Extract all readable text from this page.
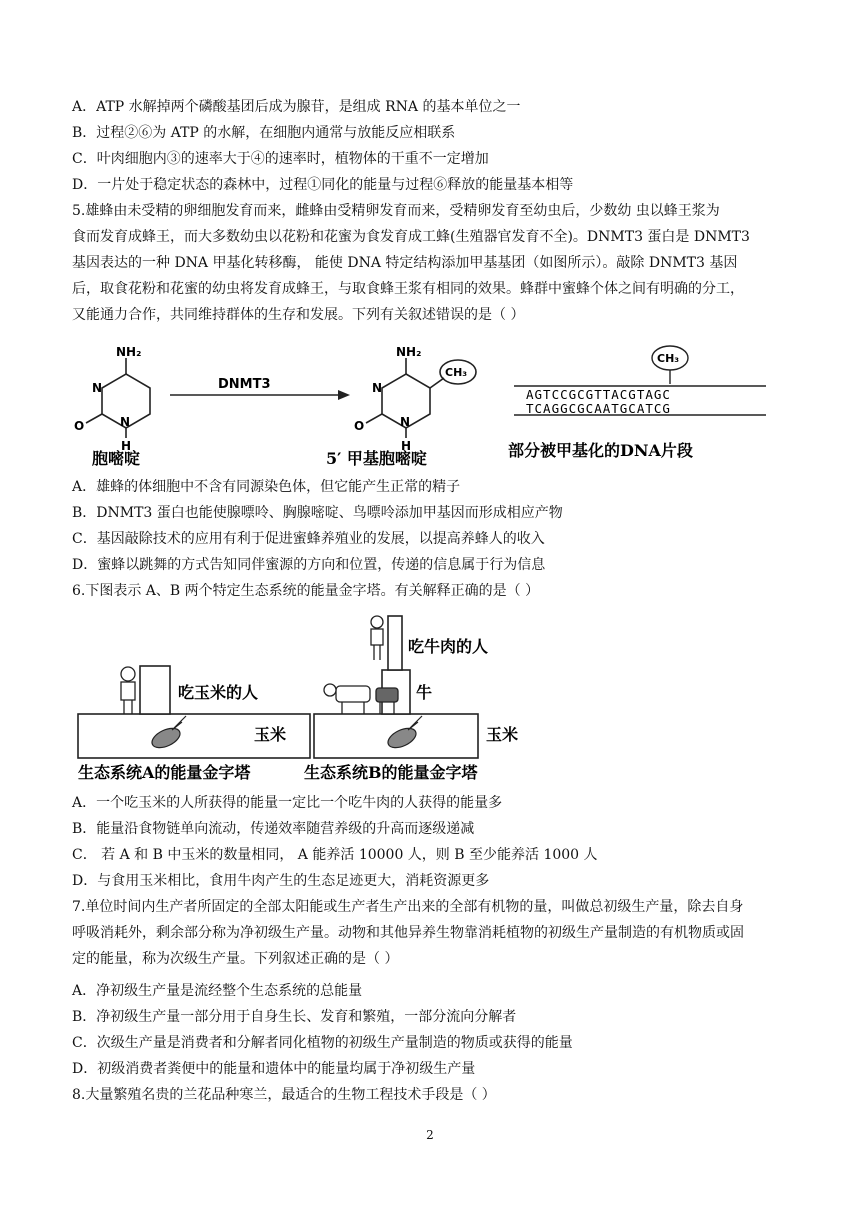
A．ATP 水解掉两个磷酸基团后成为腺苷，是组成 RNA 的基本单位之一
B．过程②⑥为 ATP 的水解，在细胞内通常与放能反应相联系
C．叶肉细胞内③的速率大于④的速率时，植物体的干重不一定增加
D．一片处于稳定状态的森林中，过程①同化的能量与过程⑥释放的能量基本相等
5.雄蜂由未受精的卵细胞发育而来，雌蜂由受精卵发育而来，受精卵发育至幼虫后，少数幼 虫以蜂王浆为
食而发育成蜂王，而大多数幼虫以花粉和花蜜为食发育成工蜂(生殖器官发育不全)。DNMT3 蛋白是 DNMT3
基因表达的一种 DNA 甲基化转移酶， 能使 DNA 特定结构添加甲基基团（如图所示）。敲除 DNMT3 基因
后，取食花粉和花蜜的幼虫将发育成蜂王，与取食蜂王浆有相同的效果。蜂群中蜜蜂个体之间有明确的分工，
又能通力合作，共同维持群体的生存和发展。下列有关叙述错误的是（ ）
NH₂
N
O	N
H
胞嘧啶
DNMT3
NH₂
N
O	N
H
CH₃
5′ 甲基胞嘧啶
CH₃
AGTCCGCGTTACGTAGC
TCAGGCGCAATGCATCG
部分被甲基化的DNA片段
A．雄蜂的体细胞中不含有同源染色体，但它能产生正常的精子
B．DNMT3 蛋白也能使腺嘌呤、胸腺嘧啶、鸟嘌呤添加甲基因而形成相应产物
C．基因敲除技术的应用有利于促进蜜蜂养殖业的发展，以提高养蜂人的收入
D．蜜蜂以跳舞的方式告知同伴蜜源的方向和位置，传递的信息属于行为信息
6.下图表示 A、B 两个特定生态系统的能量金字塔。有关解释正确的是（ ）
吃玉米的人
玉米
生态系统A的能量金字塔
吃牛肉的人
牛
玉米
生态系统B的能量金字塔
A．一个吃玉米的人所获得的能量一定比一个吃牛肉的人获得的能量多
B．能量沿食物链单向流动，传递效率随营养级的升高而逐级递减
C． 若 A 和 B 中玉米的数量相同， A 能养活 10000 人，则 B 至少能养活 1000 人
D．与食用玉米相比，食用牛肉产生的生态足迹更大，消耗资源更多
7.单位时间内生产者所固定的全部太阳能或生产者生产出来的全部有机物的量，叫做总初级生产量，除去自身
呼吸消耗外，剩余部分称为净初级生产量。动物和其他异养生物靠消耗植物的初级生产量制造的有机物质或固
定的能量，称为次级生产量。下列叙述正确的是（ ）
A．净初级生产量是流经整个生态系统的总能量
B．净初级生产量一部分用于自身生长、发育和繁殖，一部分流向分解者
C．次级生产量是消费者和分解者同化植物的初级生产量制造的物质或获得的能量
D．初级消费者粪便中的能量和遗体中的能量均属于净初级生产量
8.大量繁殖名贵的兰花品种寒兰，最适合的生物工程技术手段是（ ）
2
